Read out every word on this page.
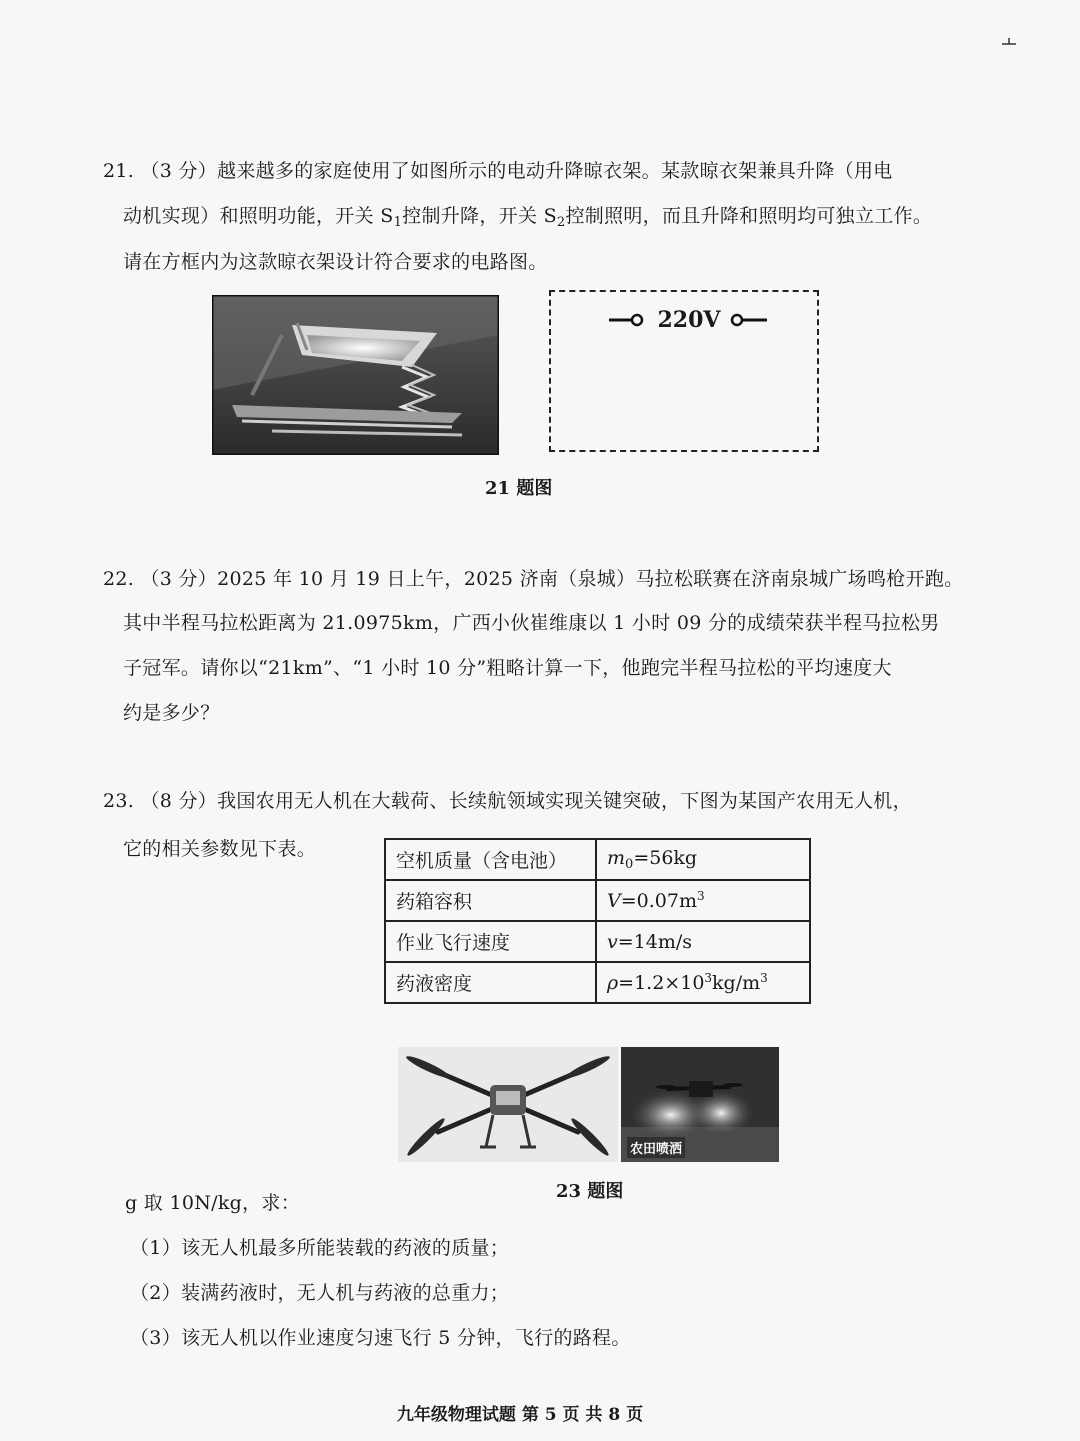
21. （3 分）越来越多的家庭使用了如图所示的电动升降晾衣架。某款晾衣架兼具升降（用电
动机实现）和照明功能，开关 $S_1$控制升降，开关 $S_2$控制照明，而且升降和照明均可独立工作。
请在方框内为这款晾衣架设计符合要求的电路图。
220V
21 题图
22. （3 分）2025 年 10 月 19 日上午，2025 济南（泉城）马拉松联赛在济南泉城广场鸣枪开跑。
其中半程马拉松距离为 21.0975km，广西小伙崔维康以 1 小时 09 分的成绩荣获半程马拉松男
子冠军。请你以“21km”、“1 小时 10 分”粗略计算一下，他跑完半程马拉松的平均速度大
约是多少？
23. （8 分）我国农用无人机在大载荷、长续航领域实现关键突破，下图为某国产农用无人机，
它的相关参数见下表。
空机质量（含电池）	$m_0=56kg$
药箱容积	$V=0.07m^3$
作业飞行速度	v=14m/s
药液密度	$\rho=1.2\times 10^3kg/m^3$
农田喷洒
23 题图
g 取 10N/kg，求：
（1）该无人机最多所能装载的药液的质量；
（2）装满药液时，无人机与药液的总重力；
（3）该无人机以作业速度匀速飞行 5 分钟，飞行的路程。
九年级物理试题 第 5 页 共 8 页
